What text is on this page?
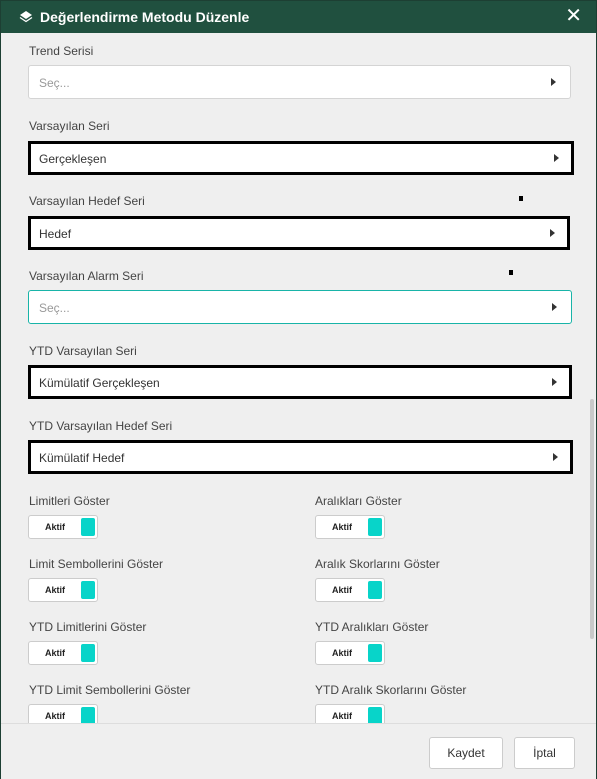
Değerlendirme Metodu Düzenle	✕
Trend Serisi
Seç...
Varsayılan Seri
Gerçekleşen
Varsayılan Hedef Seri
Hedef
Varsayılan Alarm Seri
Seç...
YTD Varsayılan Seri
Kümülatif Gerçekleşen
YTD Varsayılan Hedef Seri
Kümülatif Hedef
Limitleri Göster
Aktif
Aralıkları Göster
Aktif
Limit Sembollerini Göster
Aktif
Aralık Skorlarını Göster
Aktif
YTD Limitlerini Göster
Aktif
YTD Aralıkları Göster
Aktif
YTD Limit Sembollerini Göster
Aktif
YTD Aralık Skorlarını Göster
Aktif
Kaydet	İptal
